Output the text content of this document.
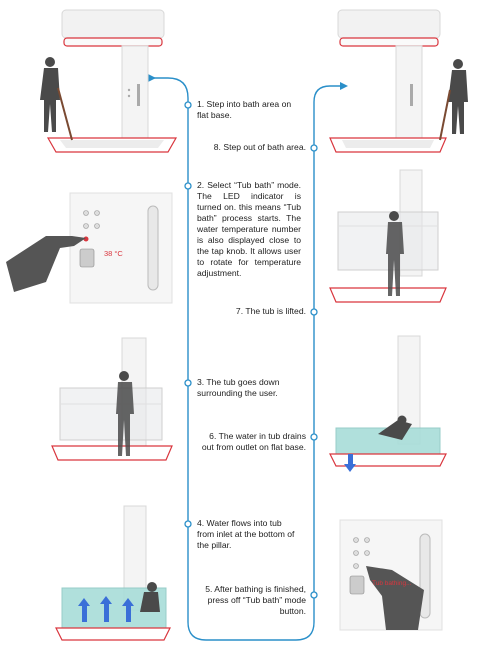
38 °C
Tub bathing...
1. Step into bath area on flat base.
2. Select “Tub bath” mode. The LED indicator is turned on. this means “Tub bath” process starts. The water temperature number is also displayed close to the tap knob. It allows user to rotate for temperature adjustment.
3. The tub goes down surrounding the user.
4. Water flows into tub from inlet at the bottom of the pillar.
8. Step out of bath area.
7. The tub is lifted.
6. The water in tub drains out from outlet on flat base.
5. After bathing is finished, press off “Tub bath” mode button.
